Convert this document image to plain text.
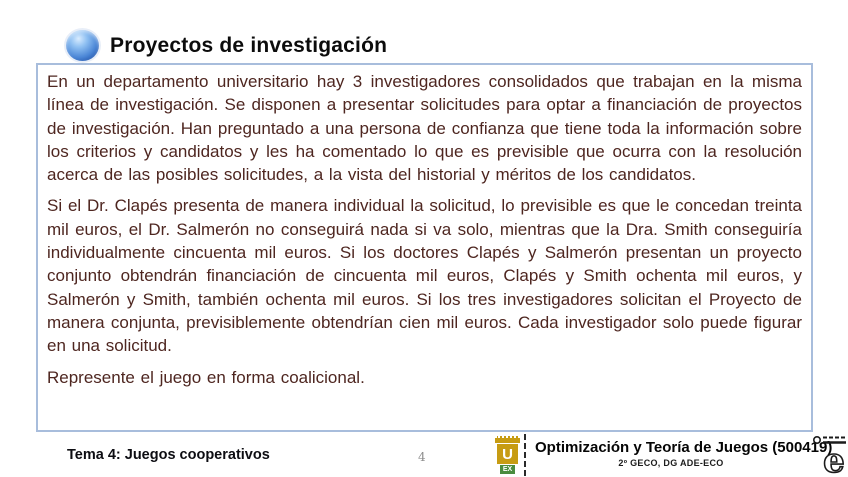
Proyectos de investigación

En un departamento universitario hay 3 investigadores consolidados que trabajan en la misma línea de investigación. Se disponen a presentar solicitudes para optar a financiación de proyectos de investigación. Han preguntado a una persona de confianza que tiene toda la información sobre los criterios y candidatos y les ha comentado lo que es previsible que ocurra con la resolución acerca de las posibles solicitudes, a la vista del historial y méritos de los candidatos.

Si el Dr. Clapés presenta de manera individual la solicitud, lo previsible es que le concedan treinta mil euros, el Dr. Salmerón no conseguirá nada si va solo, mientras que la Dra. Smith conseguiría individualmente cincuenta mil euros. Si los doctores Clapés y Salmerón presentan un proyecto conjunto obtendrán financiación de cincuenta mil euros, Clapés y Smith ochenta mil euros, y Salmerón y Smith, también ochenta mil euros. Si los tres investigadores solicitan el Proyecto de manera conjunta, previsiblemente obtendrían cien mil euros. Cada investigador solo puede figurar en una solicitud.

Represente el juego en forma coalicional.

Tema 4: Juegos cooperativos	4	U
EX
Optimización y Teoría de Juegos (500419)
2º GECO, DG ADE-ECO	e
